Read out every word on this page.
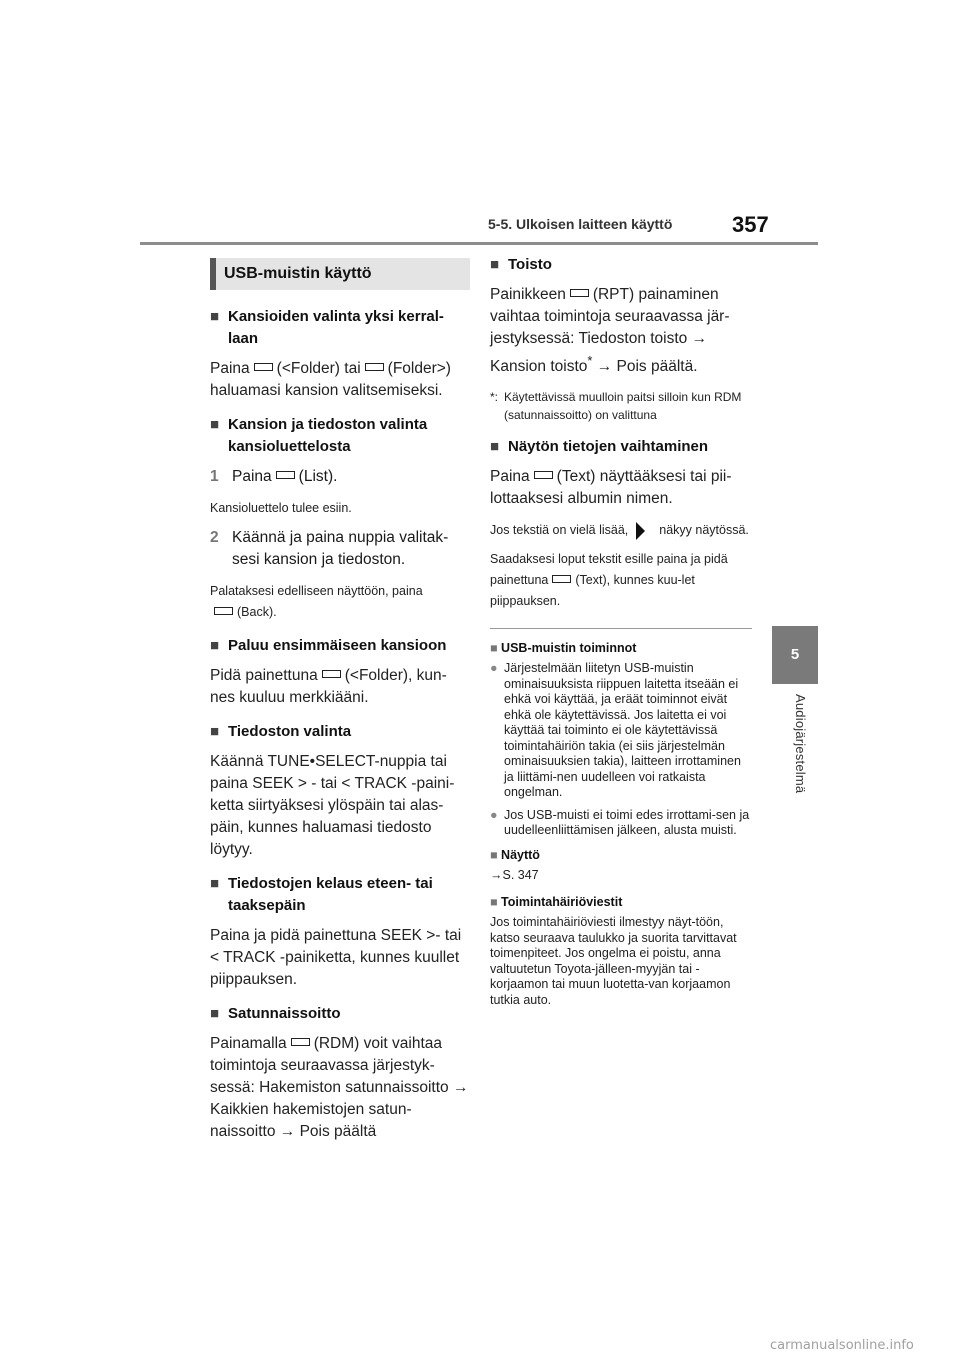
5-5. Ulkoisen laitteen käyttö	357
5
Audiojärjestelmä
USB-muistin käyttö
■ Kansioiden valinta yksi kerral-laan
Paina (<Folder) tai (Folder>) haluamasi kansion valitsemiseksi.
■ Kansion ja tiedoston valinta kansioluettelosta
1 Paina (List).
Kansioluettelo tulee esiin.
2 Käännä ja paina nuppia valitak-sesi kansion ja tiedoston.
Palataksesi edelliseen näyttöön, paina
(Back).
■ Paluu ensimmäiseen kansioon
Pidä painettuna (<Folder), kun-nes kuuluu merkkiääni.
■ Tiedoston valinta
Käännä TUNE•SELECT-nuppia tai paina SEEK > - tai < TRACK -paini-ketta siirtyäksesi ylöspäin tai alas-päin, kunnes haluamasi tiedosto löytyy.
■ Tiedostojen kelaus eteen- tai taaksepäin
Paina ja pidä painettuna SEEK >- tai < TRACK -painiketta, kunnes kuullet piippauksen.
■ Satunnaissoitto
Painamalla (RDM) voit vaihtaa toimintoja seuraavassa järjestyk-sessä: Hakemiston satunnaissoitto → Kaikkien hakemistojen satun-naissoitto → Pois päältä
■ Toisto
Painikkeen (RPT) painaminen vaihtaa toimintoja seuraavassa jär-jestyksessä: Tiedoston toisto → Kansion toisto* → Pois päältä.
*: Käytettävissä muulloin paitsi silloin kun RDM (satunnaissoitto) on valittuna
■ Näytön tietojen vaihtaminen
Paina (Text) näyttääksesi tai pii-lottaaksesi albumin nimen.
Jos tekstiä on vielä lisää, näkyy näytössä.
Saadaksesi loput tekstit esille paina ja pidä painettuna (Text), kunnes kuu-let piippauksen.
■ USB-muistin toiminnot
● Järjestelmään liitetyn USB-muistin ominaisuuksista riippuen laitetta itseään ei ehkä voi käyttää, ja eräät toiminnot eivät ehkä ole käytettävissä. Jos laitetta ei voi käyttää tai toiminto ei ole käytettävissä toimintahäiriön takia (ei siis järjestelmän ominaisuuksien takia), laitteen irrottaminen ja liittämi-nen uudelleen voi ratkaista ongelman.
● Jos USB-muisti ei toimi edes irrottami-sen ja uudelleenliittämisen jälkeen, alusta muisti.
■ Näyttö
→S. 347
■ Toimintahäiriöviestit
Jos toimintahäiriöviesti ilmestyy näyt-töön, katso seuraava taulukko ja suorita tarvittavat toimenpiteet. Jos ongelma ei poistu, anna valtuutetun Toyota-jälleen-myyjän tai -korjaamon tai muun luotetta-van korjaamon tutkia auto.
carmanualsonline.info
